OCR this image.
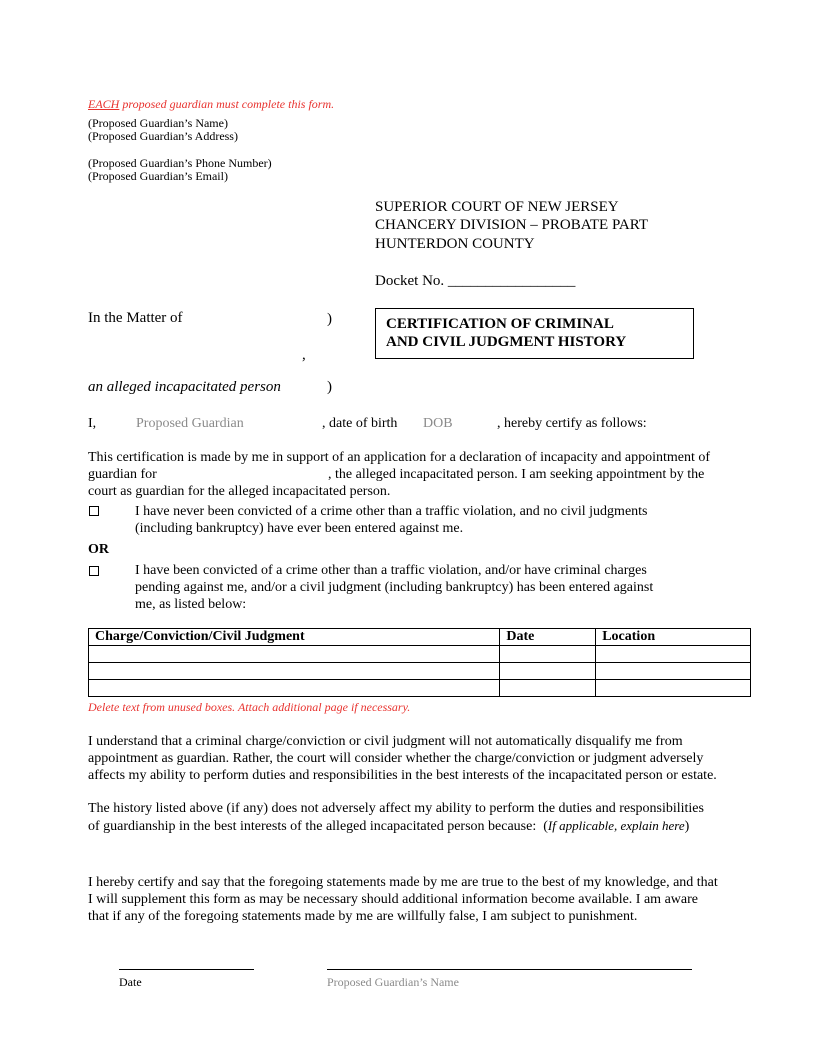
EACH proposed guardian must complete this form.
(Proposed Guardian’s Name)
(Proposed Guardian’s Address)
(Proposed Guardian’s Phone Number)
(Proposed Guardian’s Email)
SUPERIOR COURT OF NEW JERSEY
CHANCERY DIVISION – PROBATE PART
HUNTERDON COUNTY
Docket No. _________________
In the Matter of	)
,
an alleged incapacitated person	)
CERTIFICATION OF CRIMINAL
AND CIVIL JUDGMENT HISTORY
I,	Proposed Guardian	, date of birth DOB	, hereby certify as follows:
This certification is made by me in support of an application for a declaration of incapacity and appointment of
guardian for	, the alleged incapacitated person. I am seeking appointment by the
court as guardian for the alleged incapacitated person.
I have never been convicted of a crime other than a traffic violation, and no civil judgments
(including bankruptcy) have ever been entered against me.
OR
I have been convicted of a crime other than a traffic violation, and/or have criminal charges
pending against me, and/or a civil judgment (including bankruptcy) has been entered against
me, as listed below:
Charge/Conviction/Civil Judgment	Date	Location

Delete text from unused boxes. Attach additional page if necessary.
I understand that a criminal charge/conviction or civil judgment will not automatically disqualify me from
appointment as guardian. Rather, the court will consider whether the charge/conviction or judgment adversely
affects my ability to perform duties and responsibilities in the best interests of the incapacitated person or estate.
The history listed above (if any) does not adversely affect my ability to perform the duties and responsibilities
of guardianship in the best interests of the alleged incapacitated person because: (If applicable, explain here)
I hereby certify and say that the foregoing statements made by me are true to the best of my knowledge, and that
I will supplement this form as may be necessary should additional information become available. I am aware
that if any of the foregoing statements made by me are willfully false, I am subject to punishment.
Date	Proposed Guardian’s Name
